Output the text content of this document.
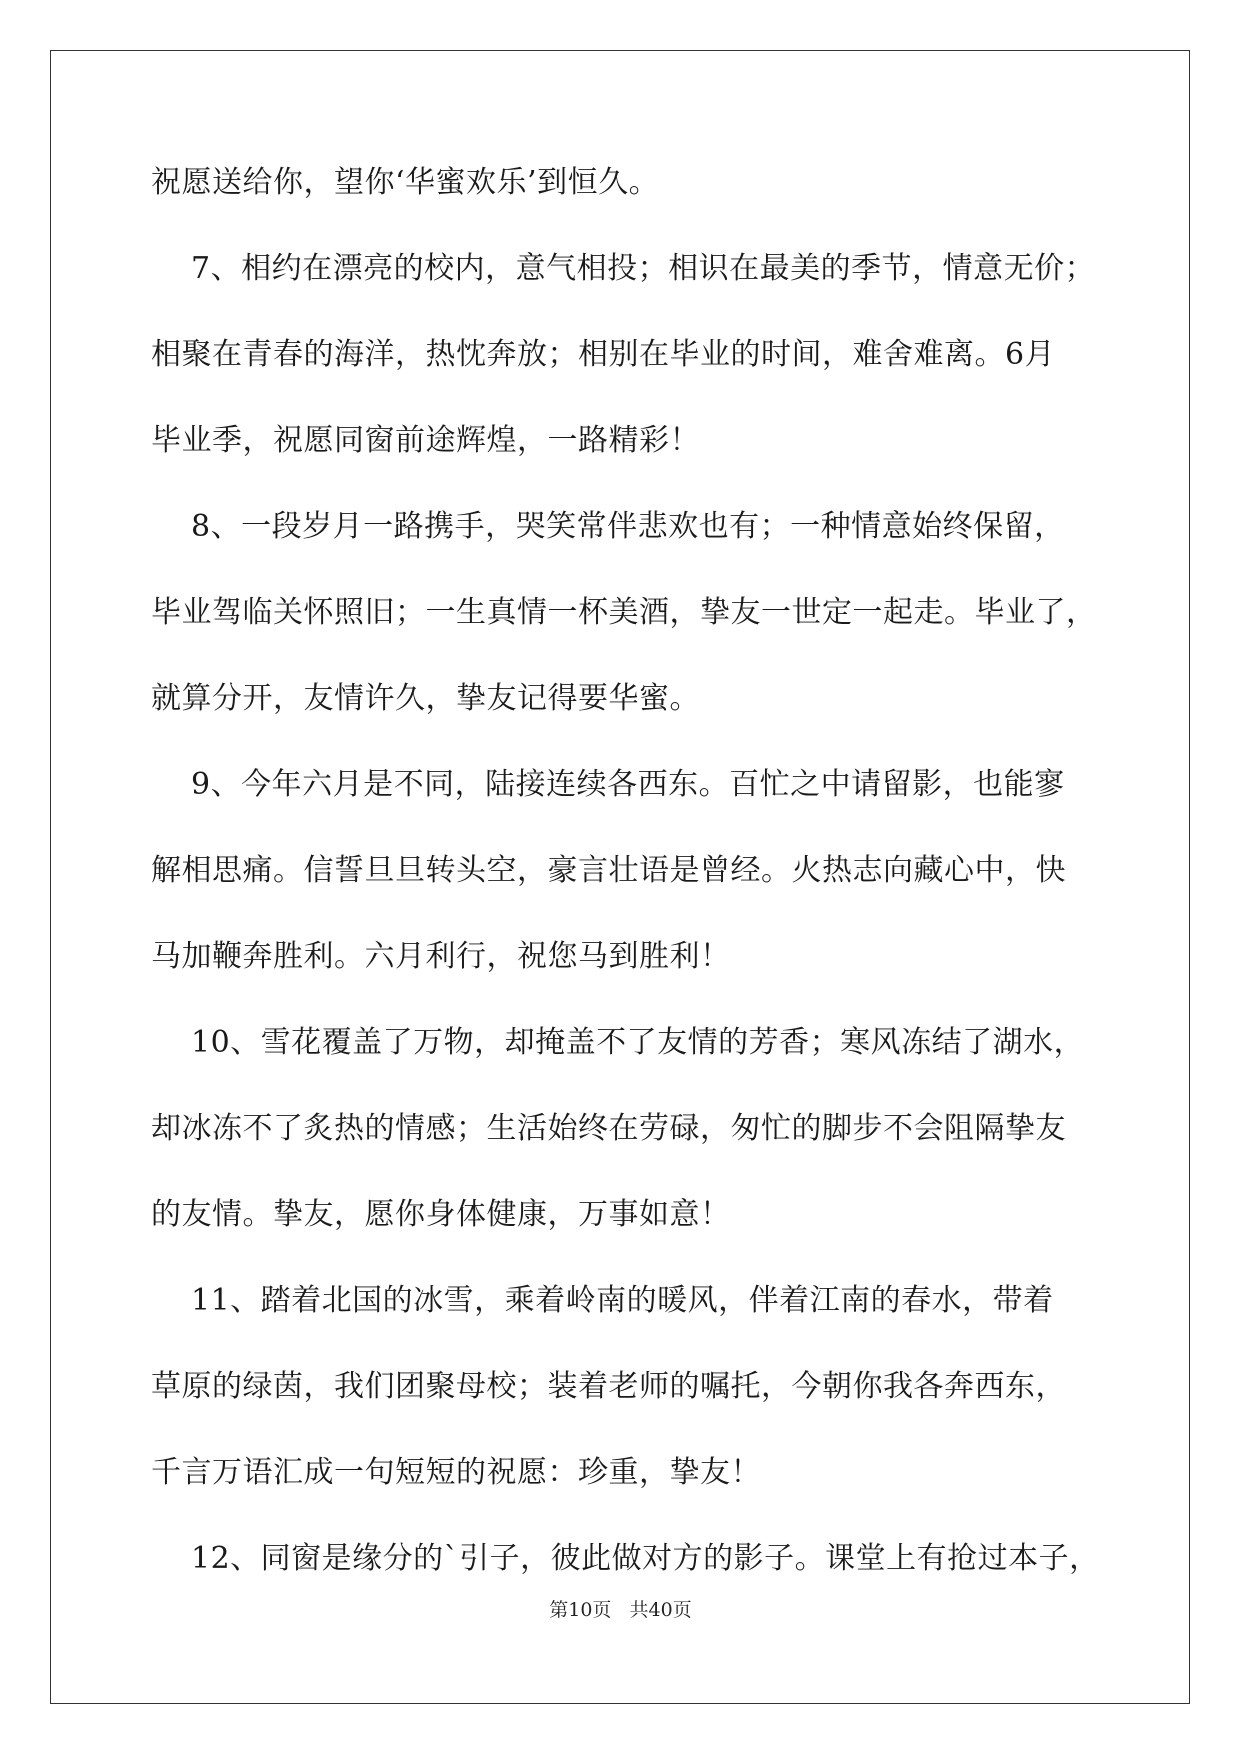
祝愿送给你，望你‘华蜜欢乐’到恒久。
7、相约在漂亮的校内，意气相投；相识在最美的季节，情意无价；
相聚在青春的海洋，热忱奔放；相别在毕业的时间，难舍难离。6月
毕业季，祝愿同窗前途辉煌，一路精彩！
8、一段岁月一路携手，哭笑常伴悲欢也有；一种情意始终保留，
毕业驾临关怀照旧；一生真情一杯美酒，挚友一世定一起走。毕业了，
就算分开，友情许久，挚友记得要华蜜。
9、今年六月是不同，陆接连续各西东。百忙之中请留影，也能寥
解相思痛。信誓旦旦转头空，豪言壮语是曾经。火热志向藏心中，快
马加鞭奔胜利。六月利行，祝您马到胜利！
10、雪花覆盖了万物，却掩盖不了友情的芳香；寒风冻结了湖水，
却冰冻不了炙热的情感；生活始终在劳碌，匆忙的脚步不会阻隔挚友
的友情。挚友，愿你身体健康，万事如意！
11、踏着北国的冰雪，乘着岭南的暖风，伴着江南的春水，带着
草原的绿茵，我们团聚母校；装着老师的嘱托，今朝你我各奔西东，
千言万语汇成一句短短的祝愿：珍重，挚友！
12、同窗是缘分的`引子，彼此做对方的影子。课堂上有抢过本子，
第10页   共40页
